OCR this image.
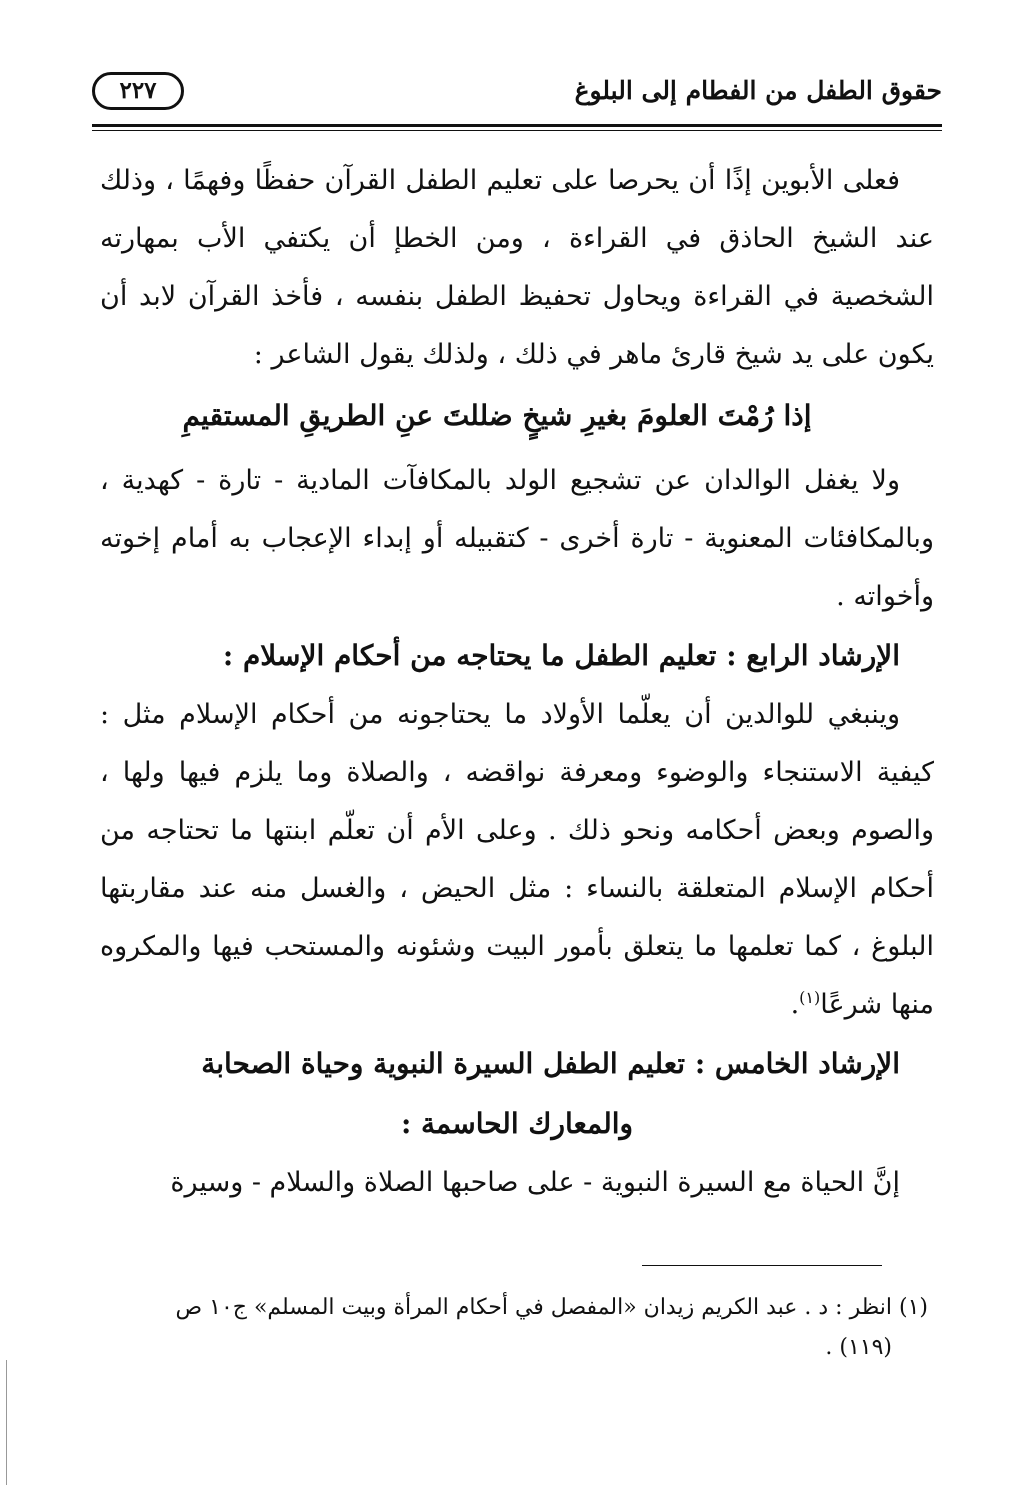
حقوق الطفل من الفطام إلى البلوغ
٢٢٧

فعلى الأبوين إذًا أن يحرصا على تعليم الطفل القرآن حفظًا وفهمًا ، وذلك عند الشيخ الحاذق في القراءة ، ومن الخطإ أن يكتفي الأب بمهارته الشخصية في القراءة ويحاول تحفيظ الطفل بنفسه ، فأخذ القرآن لابد أن يكون على يد شيخ قارئ ماهر في ذلك ، ولذلك يقول الشاعر :

إذا رُمْتَ العلومَ بغيرِ شيخٍ ضللتَ عنِ الطريقِ المستقيمِ

ولا يغفل الوالدان عن تشجيع الولد بالمكافآت المادية - تارة - كهدية ، وبالمكافئات المعنوية - تارة أخرى - كتقبيله أو إبداء الإعجاب به أمام إخوته وأخواته .

الإرشاد الرابع : تعليم الطفل ما يحتاجه من أحكام الإسلام :

وينبغي للوالدين أن يعلّما الأولاد ما يحتاجونه من أحكام الإسلام مثل : كيفية الاستنجاء والوضوء ومعرفة نواقضه ، والصلاة وما يلزم فيها ولها ، والصوم وبعض أحكامه ونحو ذلك . وعلى الأم أن تعلّم ابنتها ما تحتاجه من أحكام الإسلام المتعلقة بالنساء : مثل الحيض ، والغسل منه عند مقاربتها البلوغ ، كما تعلمها ما يتعلق بأمور البيت وشئونه والمستحب فيها والمكروه منها شرعًا$^{(١)}$.

الإرشاد الخامس : تعليم الطفل السيرة النبوية وحياة الصحابة

والمعارك الحاسمة :

إنَّ الحياة مع السيرة النبوية - على صاحبها الصلاة والسلام - وسيرة

(١) انظر : د . عبد الكريم زيدان «المفصل في أحكام المرأة وبيت المسلم» ج١٠ ص
(١١٩) .
